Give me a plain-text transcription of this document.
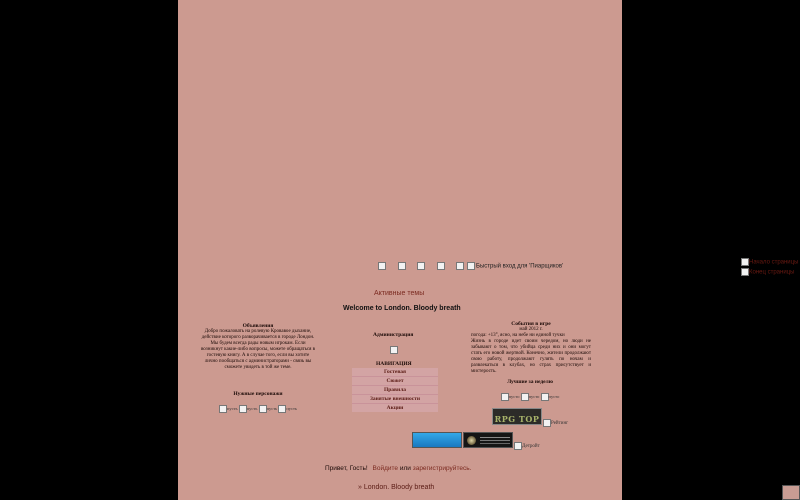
Быстрый вход для 'Пиарщиков'
Активные темы
Welcome to London. Bloody breath
Объявления
Добро пожаловать на ролевую Кровавое дыхание, действие которого разворачивается в городе Лондон. Мы будем всегда рады новым игрокам. Если возникнут какие-либо вопросы, можете обращаться в гостевую книгу. А в случае того, если вы хотите лично пообщаться с администраторами - связь вы сможете увидеть в той же теме.
Нужные персонажи
пусть пусть пусть пусть
Администрация
НАВИГАЦИЯ
Гостевая
Сюжет
Правила
Занятые внешности
Акции
События в игре
май 2012 г.
погода: +13°, ясно, на небе ни единой тучки
Жизнь в городе идет своим чередом, но люди не забывают о том, что убийца среди них и они могут стать его новой жертвой. Конечно, жители продолжают свою работу, продолжают гулять по ночам и развлекаться в клубах, но страх присутствует и мистерость.
Лучшие за неделю
пусто пусто пусто
RPG TOP	Рейтинг
Детройт
Привет, Гость! Войдите или зарегистрируйтесь.
» London. Bloody breath
Начало страницы
Конец страницы
